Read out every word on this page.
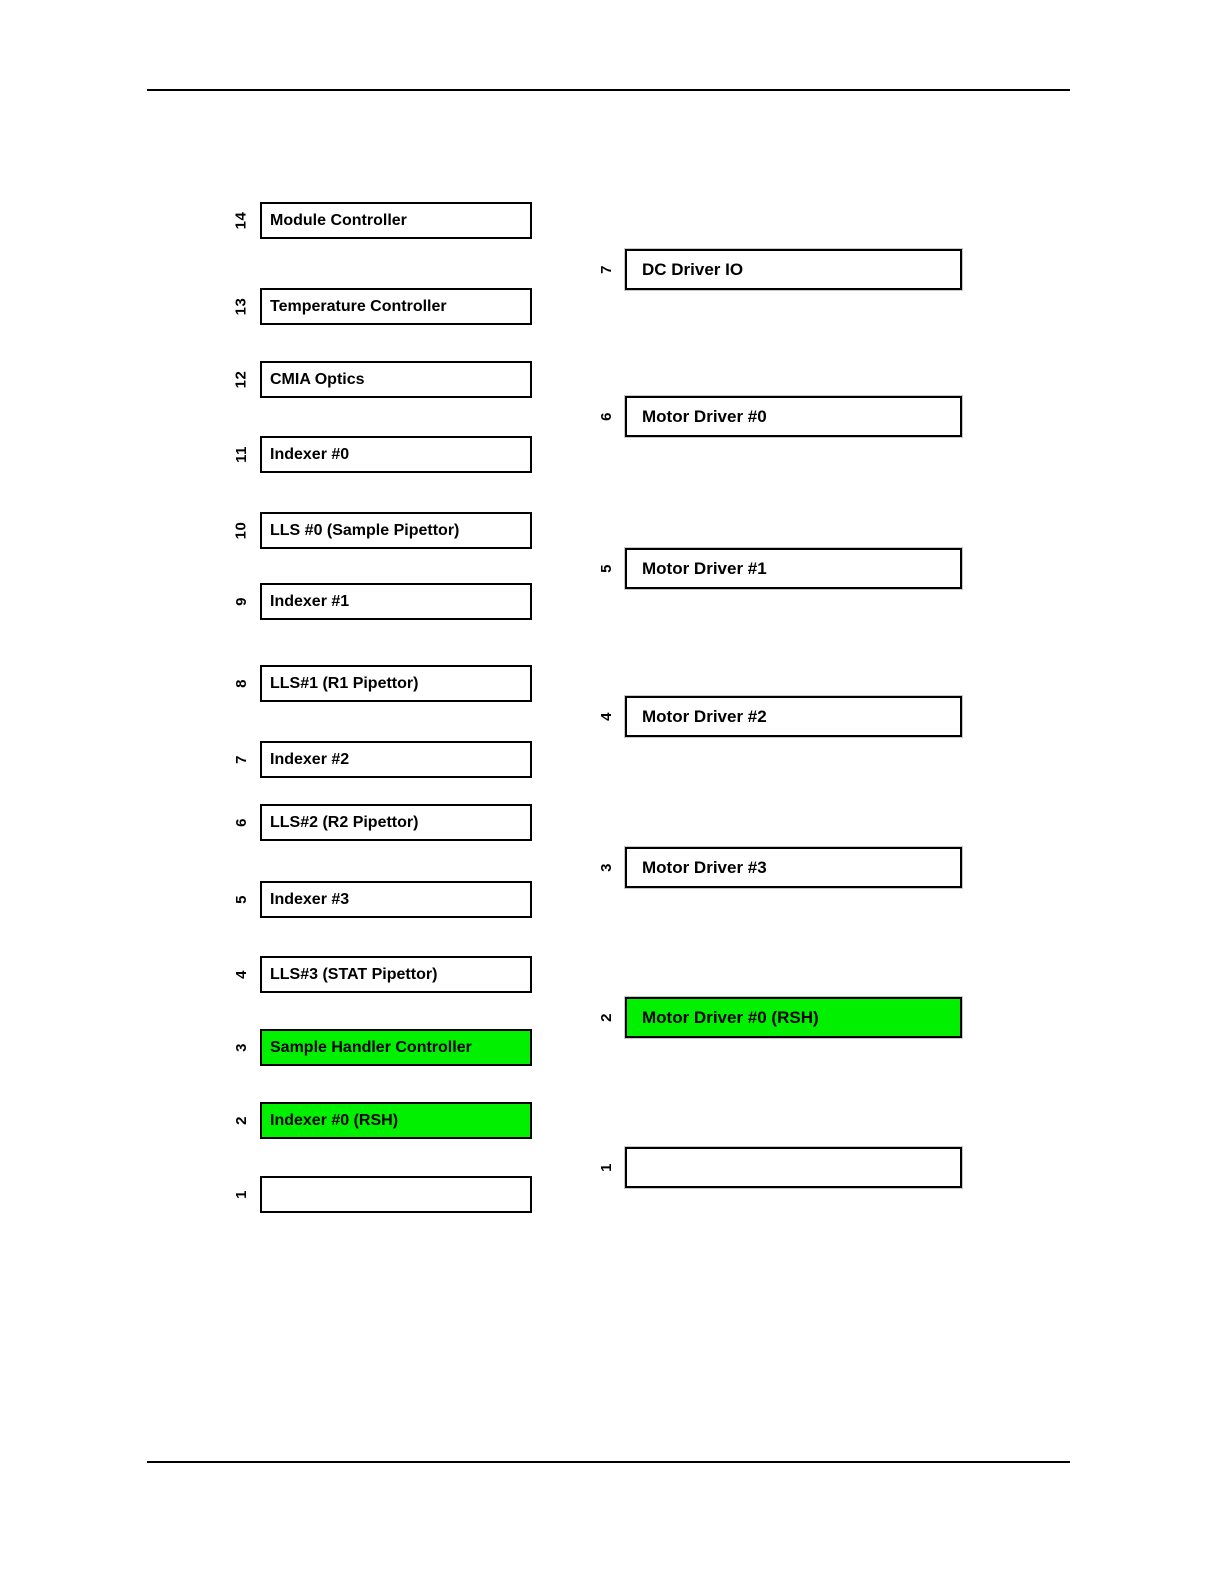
14	Module Controller
13	Temperature Controller
12	CMIA Optics
11	Indexer #0
10	LLS #0 (Sample Pipettor)
9	Indexer #1
8	LLS#1 (R1 Pipettor)
7	Indexer #2
6	LLS#2 (R2 Pipettor)
5	Indexer #3
4	LLS#3 (STAT Pipettor)
3	Sample Handler Controller
2	Indexer #0 (RSH)
1
7	DC Driver IO
6	Motor Driver #0
5	Motor Driver #1
4	Motor Driver #2
3	Motor Driver #3
2	Motor Driver #0 (RSH)
1
